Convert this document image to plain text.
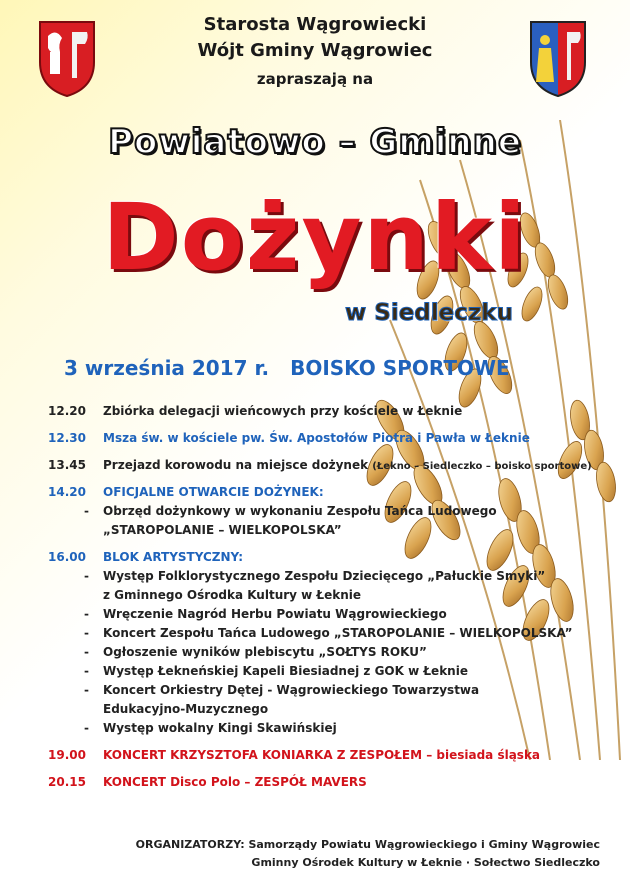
Starosta Wągrowiecki
Wójt Gminy Wągrowiec
zapraszają na
Powiatowo – Gminne
Dożynki
w Siedleczku
3 września 2017 r. BOISKO SPORTOWE
12.20 Zbiórka delegacji wieńcowych przy kościele w Łeknie
12.30 Msza św. w kościele pw. Św. Apostołów Piotra i Pawła w Łeknie
13.45 Przejazd korowodu na miejsce dożynek (Łekno – Siedleczko – boisko sportowe)
14.20 OFICJALNE OTWARCIE DOŻYNEK:
- Obrzęd dożynkowy w wykonaniu Zespołu Tańca Ludowego
„STAROPOLANIE – WIELKOPOLSKA”
16.00 BLOK ARTYSTYCZNY:
- Występ Folklorystycznego Zespołu Dziecięcego „Pałuckie Smyki”
z Gminnego Ośrodka Kultury w Łeknie
- Wręczenie Nagród Herbu Powiatu Wągrowieckiego
- Koncert Zespołu Tańca Ludowego „STAROPOLANIE – WIELKOPOLSKA”
- Ogłoszenie wyników plebiscytu „SOŁTYS ROKU”
- Występ Łekneńskiej Kapeli Biesiadnej z GOK w Łeknie
- Koncert Orkiestry Dętej - Wągrowieckiego Towarzystwa
Edukacyjno-Muzycznego
- Występ wokalny Kingi Skawińskiej
19.00 KONCERT KRZYSZTOFA KONIARKA Z ZESPOŁEM – biesiada śląska
20.15 KONCERT Disco Polo – ZESPÓŁ MAVERS
ORGANIZATORZY: Samorządy Powiatu Wągrowieckiego i Gminy Wągrowiec
Gminny Ośrodek Kultury w Łeknie · Sołectwo Siedleczko
